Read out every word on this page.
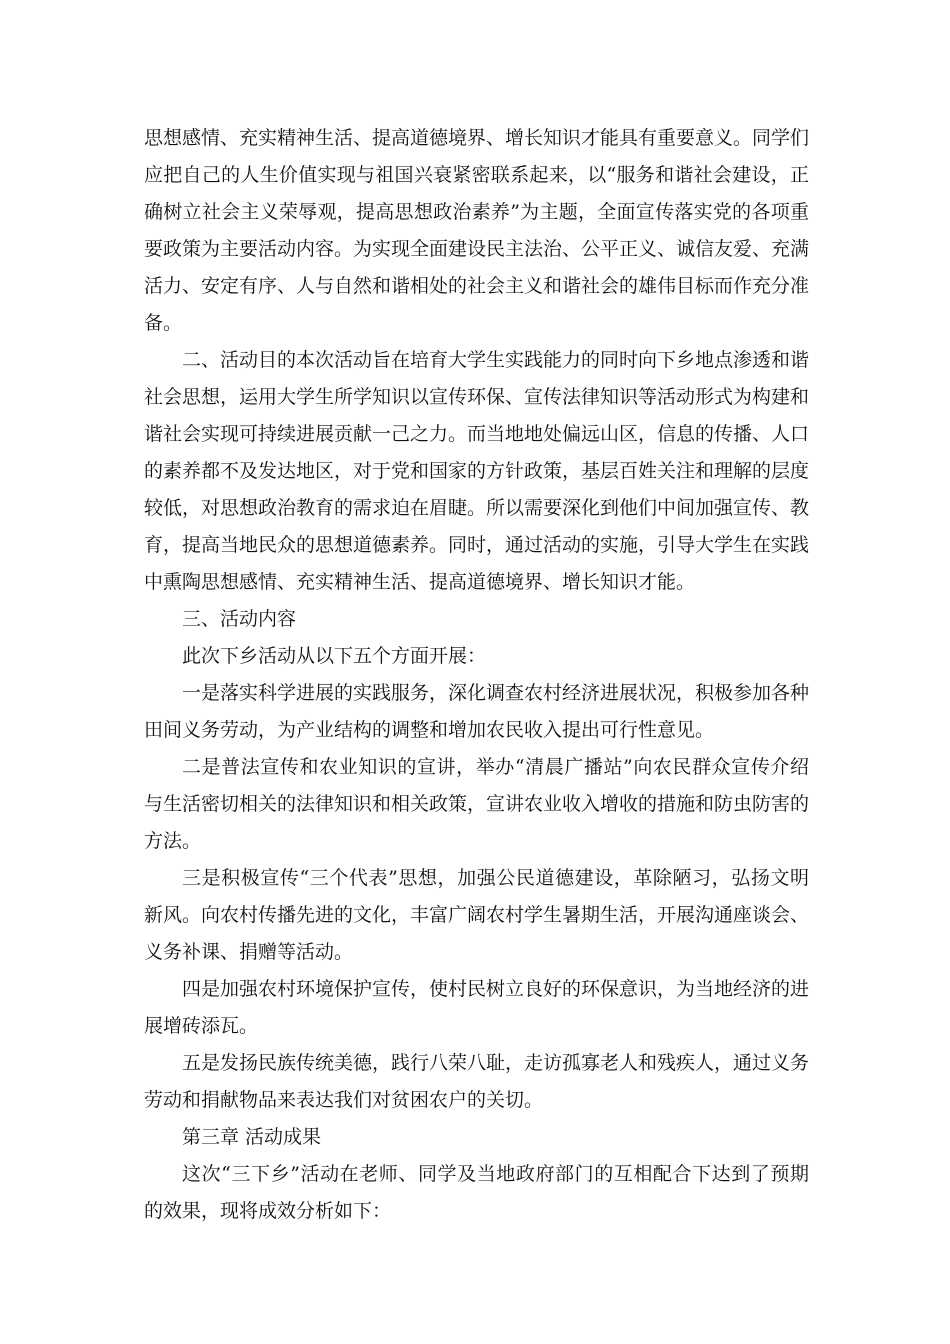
思想感情、充实精神生活、提高道德境界、增长知识才能具有重要意义。同学们应把自己的人生价值实现与祖国兴衰紧密联系起来，以“服务和谐社会建设，正确树立社会主义荣辱观，提高思想政治素养”为主题，全面宣传落实党的各项重要政策为主要活动内容。为实现全面建设民主法治、公平正义、诚信友爱、充满活力、安定有序、人与自然和谐相处的社会主义和谐社会的雄伟目标而作充分准备。

二、活动目的本次活动旨在培育大学生实践能力的同时向下乡地点渗透和谐社会思想，运用大学生所学知识以宣传环保、宣传法律知识等活动形式为构建和谐社会实现可持续进展贡献一己之力。而当地地处偏远山区，信息的传播、人口的素养都不及发达地区，对于党和国家的方针政策，基层百姓关注和理解的层度较低，对思想政治教育的需求迫在眉睫。所以需要深化到他们中间加强宣传、教育，提高当地民众的思想道德素养。同时，通过活动的实施，引导大学生在实践中熏陶思想感情、充实精神生活、提高道德境界、增长知识才能。

三、活动内容

此次下乡活动从以下五个方面开展：

一是落实科学进展的实践服务，深化调查农村经济进展状况，积极参加各种田间义务劳动，为产业结构的调整和增加农民收入提出可行性意见。

二是普法宣传和农业知识的宣讲，举办“清晨广播站”向农民群众宣传介绍与生活密切相关的法律知识和相关政策，宣讲农业收入增收的措施和防虫防害的方法。

三是积极宣传“三个代表”思想，加强公民道德建设，革除陋习，弘扬文明新风。向农村传播先进的文化，丰富广阔农村学生暑期生活，开展沟通座谈会、义务补课、捐赠等活动。

四是加强农村环境保护宣传，使村民树立良好的环保意识，为当地经济的进展增砖添瓦。

五是发扬民族传统美德，践行八荣八耻，走访孤寡老人和残疾人，通过义务劳动和捐献物品来表达我们对贫困农户的关切。

第三章 活动成果

这次“三下乡”活动在老师、同学及当地政府部门的互相配合下达到了预期的效果，现将成效分析如下：
